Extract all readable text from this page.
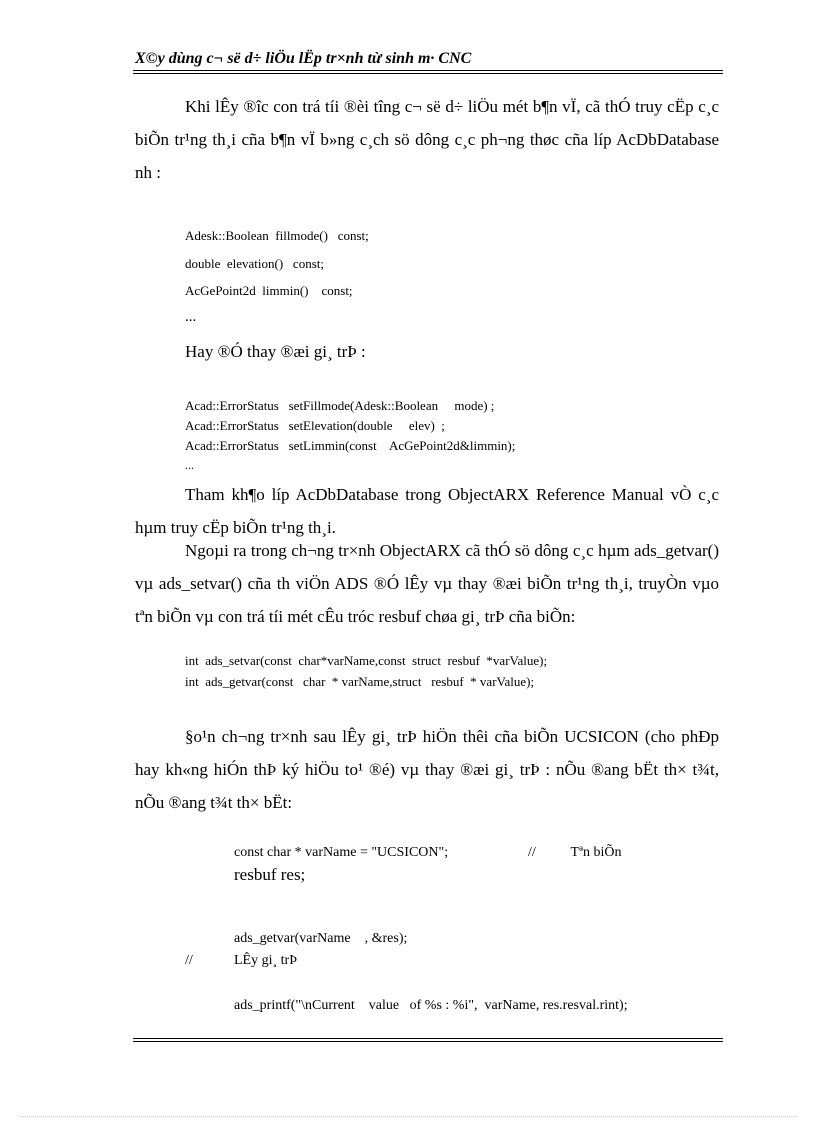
X©y dùng c¬ së d÷ liÖu lËp tr×nh từ sinh m· CNC
Khi lÊy ®îc con trá tíi ®èi tîng c¬ së d÷ liÖu mét b¶n vÏ, cã thÓ truy cËp c¸c biÕn tr¹ng th¸i cña b¶n vÏ b»ng c¸ch sö dông c¸c ph¬ng thøc cña líp AcDbDatabase nh :
Adesk::Boolean  fillmode()   const;
double  elevation()   const;
AcGePoint2d  limmin()    const;
...
Hay ®Ó thay ®æi gi¸ trÞ :
Acad::ErrorStatus   setFillmode(Adesk::Boolean     mode) ;
Acad::ErrorStatus   setElevation(double     elev)  ;
Acad::ErrorStatus   setLimmin(const    AcGePoint2d&limmin);
...
Tham kh¶o líp AcDbDatabase trong ObjectARX Reference Manual vÒ c¸c hµm truy cËp biÕn tr¹ng th¸i.
Ngoµi ra trong ch¬ng tr×nh ObjectARX cã thÓ sö dông c¸c hµm ads_getvar() vµ ads_setvar() cña th viÖn ADS ®Ó lÊy vµ thay ®æi biÕn tr¹ng th¸i, truyÒn vµo tªn biÕn vµ con trá tíi mét cÊu tróc resbuf chøa gi¸ trÞ cña biÕn:
int  ads_setvar(const  char*varName,const  struct  resbuf  *varValue);
int  ads_getvar(const   char  * varName,struct   resbuf  * varValue);
§o¹n ch¬ng tr×nh sau lÊy gi¸ trÞ hiÖn thêi cña biÕn UCSICON (cho phÐp hay kh«ng hiÓn thÞ ký hiÖu to¹ ®é) vµ thay ®æi gi¸ trÞ : nÕu ®ang bËt th× t¾t, nÕu ®ang t¾t th× bËt:
const char * varName = "UCSICON";	//          Tªn biÕn
resbuf res;
ads_getvar(varName    , &res);
//	LÊy gi¸ trÞ
ads_printf("\nCurrent    value   of %s : %i",  varName, res.resval.rint);
